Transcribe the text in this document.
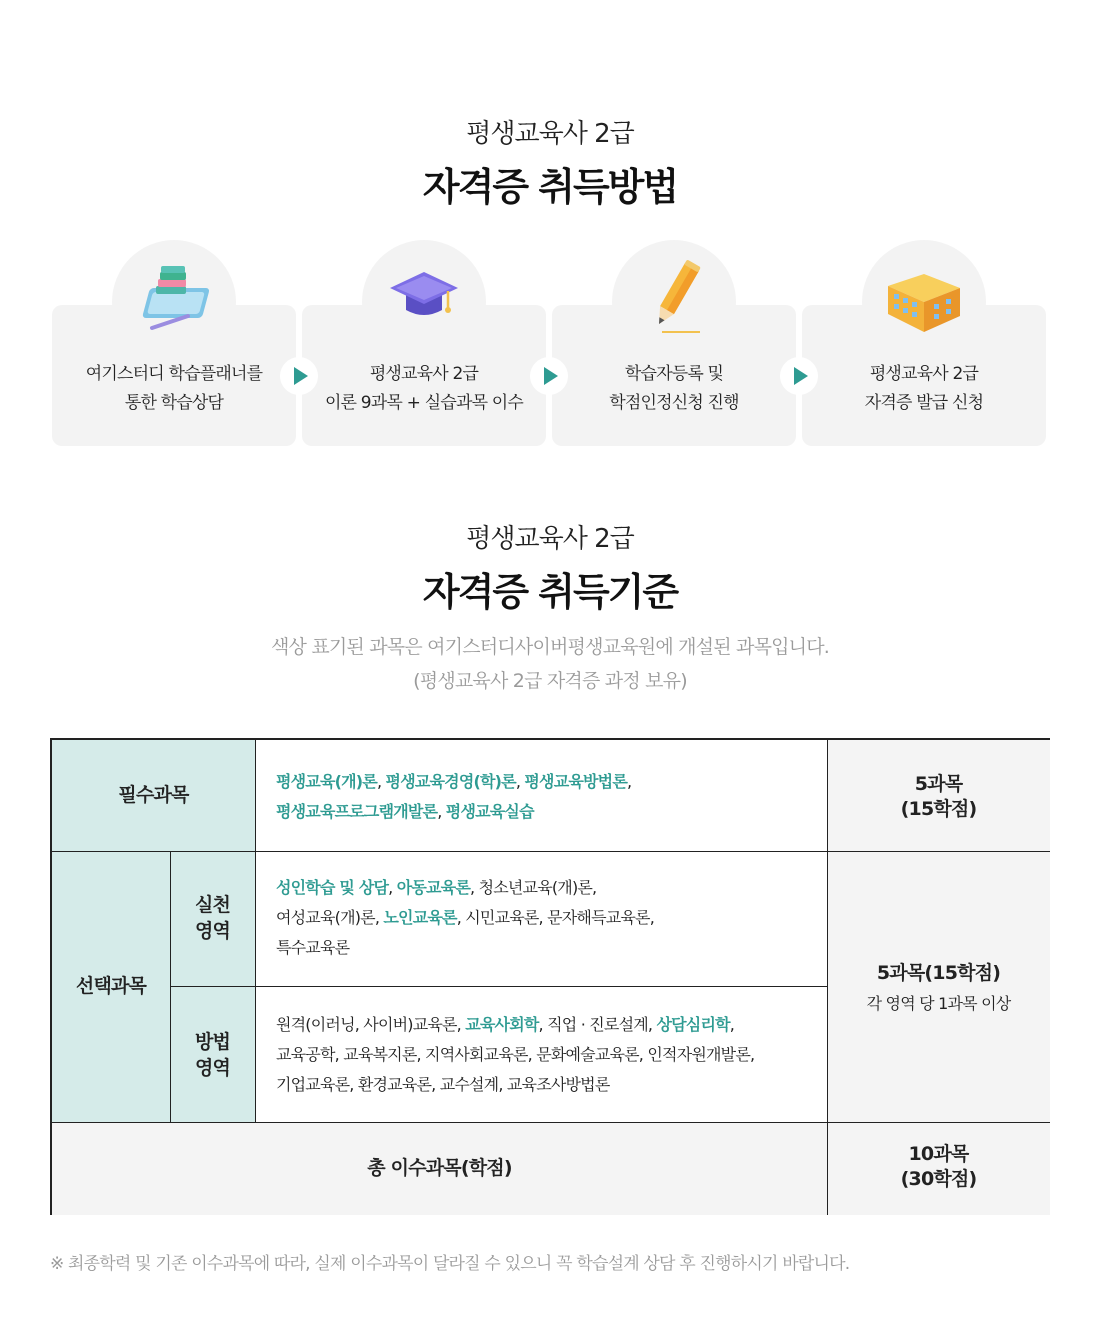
평생교육사 2급
자격증 취득방법
여기스터디 학습플래너를
통한 학습상담
평생교육사 2급
이론 9과목 + 실습과목 이수
학습자등록 및
학점인정신청 진행
평생교육사 2급
자격증 발급 신청
평생교육사 2급
자격증 취득기준
색상 표기된 과목은 여기스터디사이버평생교육원에 개설된 과목입니다.
(평생교육사 2급 자격증 과정 보유)
필수과목
평생교육(개)론, 평생교육경영(학)론, 평생교육방법론,
평생교육프로그램개발론, 평생교육실습
5과목
(15학점)
선택과목
실천
영역
성인학습 및 상담, 아동교육론, 청소년교육(개)론,
여성교육(개)론, 노인교육론, 시민교육론, 문자해득교육론,
특수교육론
방법
영역
원격(이러닝, 사이버)교육론, 교육사회학, 직업 · 진로설계, 상담심리학,
교육공학, 교육복지론, 지역사회교육론, 문화예술교육론, 인적자원개발론,
기업교육론, 환경교육론, 교수설계, 교육조사방법론
5과목(15학점)
각 영역 당 1과목 이상
총 이수과목(학점)
10과목
(30학점)
※ 최종학력 및 기존 이수과목에 따라, 실제 이수과목이 달라질 수 있으니 꼭 학습설계 상담 후 진행하시기 바랍니다.
